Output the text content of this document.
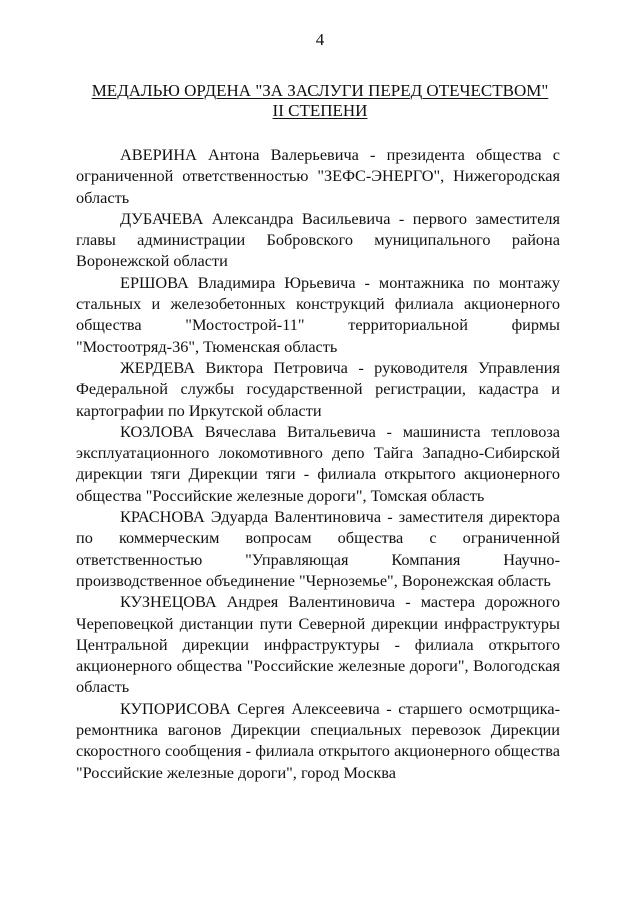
4
МЕДАЛЬЮ ОРДЕНА "ЗА ЗАСЛУГИ ПЕРЕД ОТЕЧЕСТВОМ"
II СТЕПЕНИ

АВЕРИНА Антона Валерьевича - президента общества с ограниченной ответственностью "ЗЕФС-ЭНЕРГО", Нижегородская область

ДУБАЧЕВА Александра Васильевича - первого заместителя главы администрации Бобровского муниципального района Воронежской области

ЕРШОВА Владимира Юрьевича - монтажника по монтажу стальных и железобетонных конструкций филиала акционерного общества "Мостострой-11" территориальной фирмы "Мостоотряд-36", Тюменская область

ЖЕРДЕВА Виктора Петровича - руководителя Управления Федеральной службы государственной регистрации, кадастра и картографии по Иркутской области

КОЗЛОВА Вячеслава Витальевича - машиниста тепловоза эксплуатационного локомотивного депо Тайга Западно-Сибирской дирекции тяги Дирекции тяги - филиала открытого акционерного общества "Российские железные дороги", Томская область

КРАСНОВА Эдуарда Валентиновича - заместителя директора по коммерческим вопросам общества с ограниченной ответственностью "Управляющая Компания Научно-производственное объединение "Черноземье", Воронежская область

КУЗНЕЦОВА Андрея Валентиновича - мастера дорожного Череповецкой дистанции пути Северной дирекции инфраструктуры Центральной дирекции инфраструктуры - филиала открытого акционерного общества "Российские железные дороги", Вологодская область

КУПОРИСОВА Сергея Алексеевича - старшего осмотрщика-ремонтника вагонов Дирекции специальных перевозок Дирекции скоростного сообщения - филиала открытого акционерного общества "Российские железные дороги", город Москва
